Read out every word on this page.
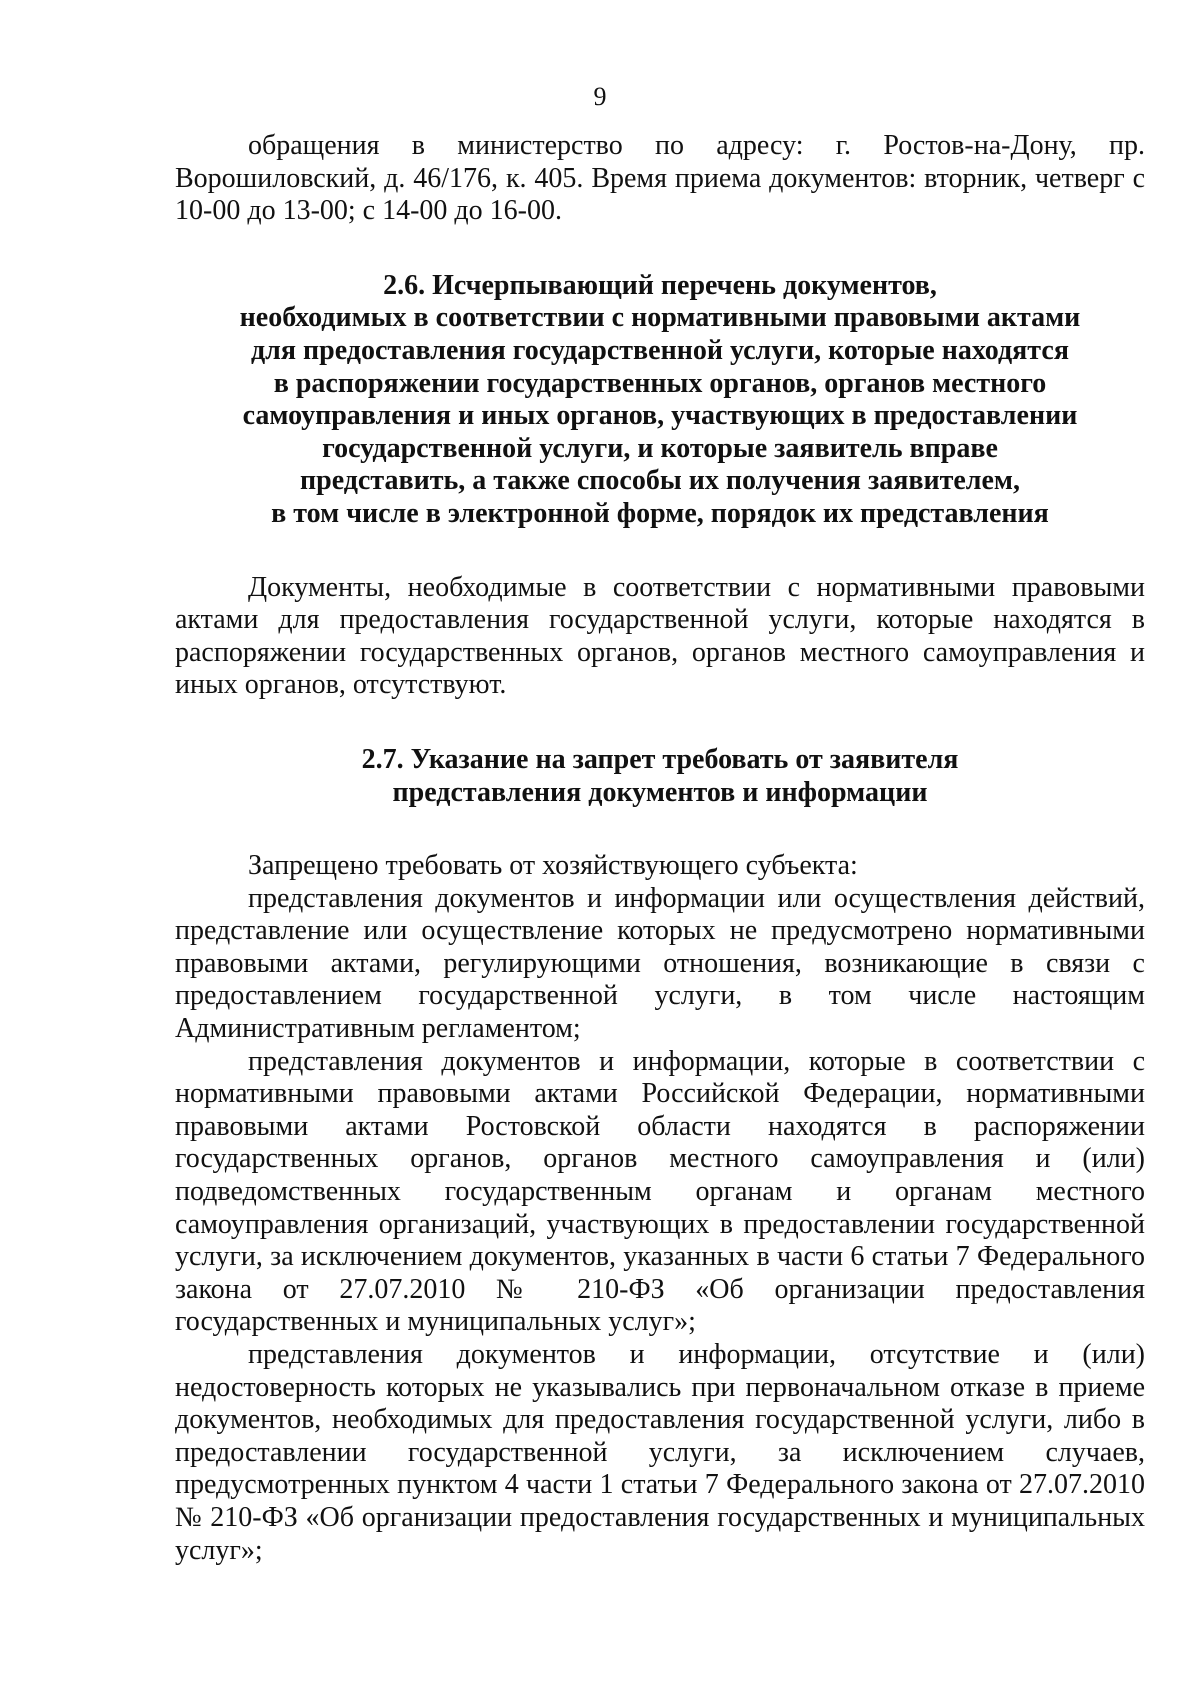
9

обращения в министерство по адресу: г. Ростов-на-Дону, пр. Ворошиловский, д. 46/176, к. 405. Время приема документов: вторник, четверг с 10-00 до 13-00; с 14-00 до 16-00.

2.6. Исчерпывающий перечень документов,
необходимых в соответствии с нормативными правовыми актами
для предоставления государственной услуги, которые находятся
в распоряжении государственных органов, органов местного
самоуправления и иных органов, участвующих в предоставлении
государственной услуги, и которые заявитель вправе
представить, а также способы их получения заявителем,
в том числе в электронной форме, порядок их представления

Документы, необходимые в соответствии с нормативными правовыми актами для предоставления государственной услуги, которые находятся в распоряжении государственных органов, органов местного самоуправления и иных органов, отсутствуют.

2.7. Указание на запрет требовать от заявителя
представления документов и информации

Запрещено требовать от хозяйствующего субъекта:

представления документов и информации или осуществления действий, представление или осуществление которых не предусмотрено нормативными правовыми актами, регулирующими отношения, возникающие в связи с предоставлением государственной услуги, в том числе настоящим Административным регламентом;

представления документов и информации, которые в соответствии с нормативными правовыми актами Российской Федерации, нормативными правовыми актами Ростовской области находятся в распоряжении государственных органов, органов местного самоуправления и (или) подведомственных государственным органам и органам местного самоуправления организаций, участвующих в предоставлении государственной услуги, за исключением документов, указанных в части 6 статьи 7 Федерального закона от 27.07.2010 № 210-ФЗ «Об организации предоставления государственных и муниципальных услуг»;

представления документов и информации, отсутствие и (или) недостоверность которых не указывались при первоначальном отказе в приеме документов, необходимых для предоставления государственной услуги, либо в предоставлении государственной услуги, за исключением случаев, предусмотренных пунктом 4 части 1 статьи 7 Федерального закона от 27.07.2010 № 210-ФЗ «Об организации предоставления государственных и муниципальных услуг»;
